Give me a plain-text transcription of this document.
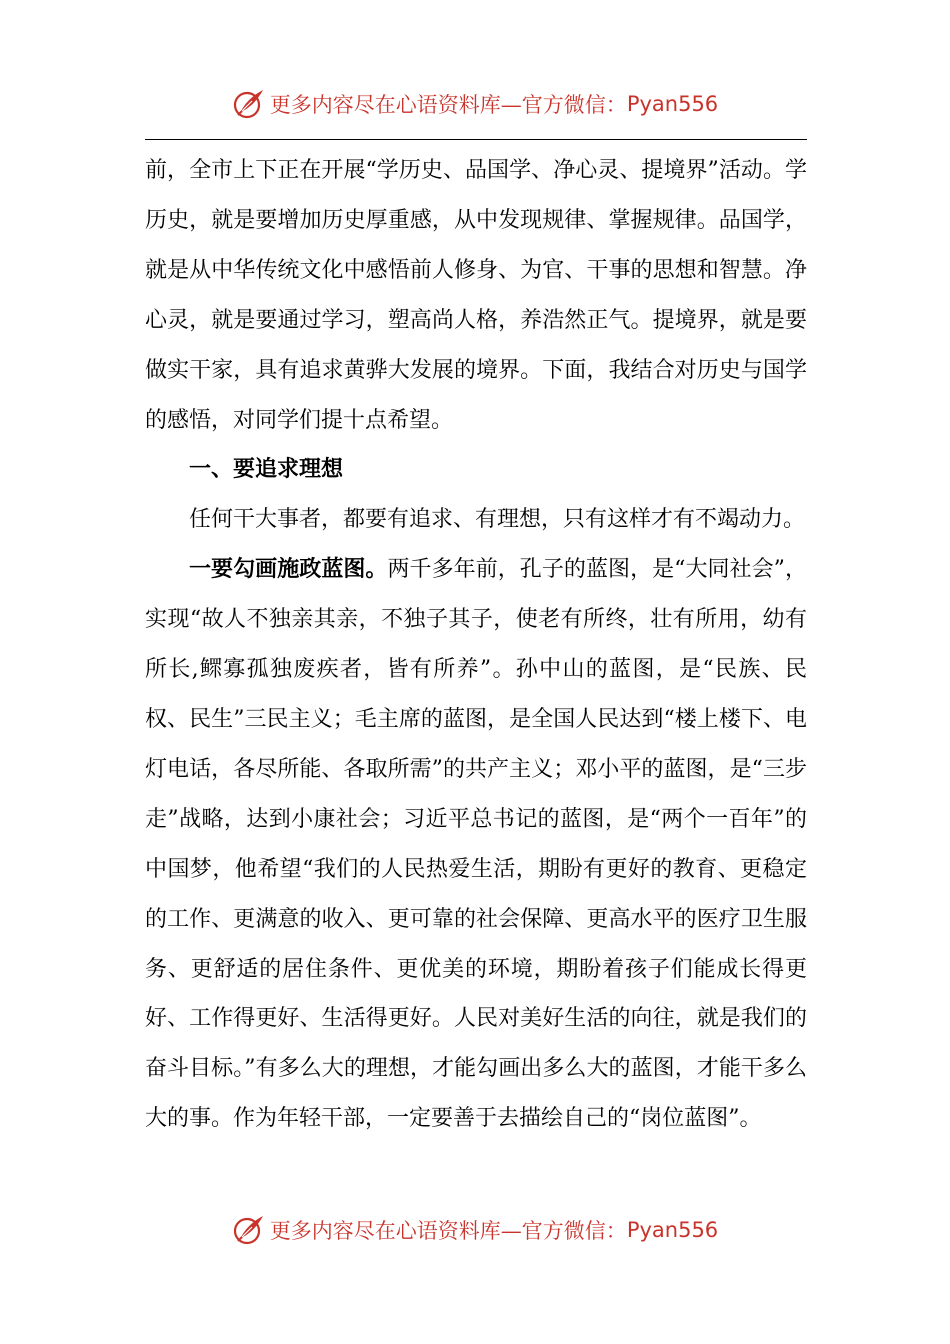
更多内容尽在心语资料库—官方微信： Pyan556

前，全市上下正在开展“学历史、品国学、净心灵、提境界”活动。学历史，就是要增加历史厚重感，从中发现规律、掌握规律。品国学，就是从中华传统文化中感悟前人修身、为官、干事的思想和智慧。净心灵，就是要通过学习，塑高尚人格，养浩然正气。提境界，就是要做实干家，具有追求黄骅大发展的境界。下面，我结合对历史与国学的感悟，对同学们提十点希望。

一、要追求理想

任何干大事者，都要有追求、有理想，只有这样才有不竭动力。

一要勾画施政蓝图。两千多年前，孔子的蓝图，是“大同社会”，实现“故人不独亲其亲，不独子其子，使老有所终，壮有所用，幼有所长,鳏寡孤独废疾者，皆有所养”。孙中山的蓝图，是“民族、民权、民生”三民主义；毛主席的蓝图，是全国人民达到“楼上楼下、电灯电话，各尽所能、各取所需”的共产主义；邓小平的蓝图，是“三步走”战略，达到小康社会；习近平总书记的蓝图，是“两个一百年”的中国梦，他希望“我们的人民热爱生活，期盼有更好的教育、更稳定的工作、更满意的收入、更可靠的社会保障、更高水平的医疗卫生服务、更舒适的居住条件、更优美的环境，期盼着孩子们能成长得更好、工作得更好、生活得更好。人民对美好生活的向往，就是我们的奋斗目标。”有多么大的理想，才能勾画出多么大的蓝图，才能干多么大的事。作为年轻干部，一定要善于去描绘自己的“岗位蓝图”。

更多内容尽在心语资料库—官方微信： Pyan556
